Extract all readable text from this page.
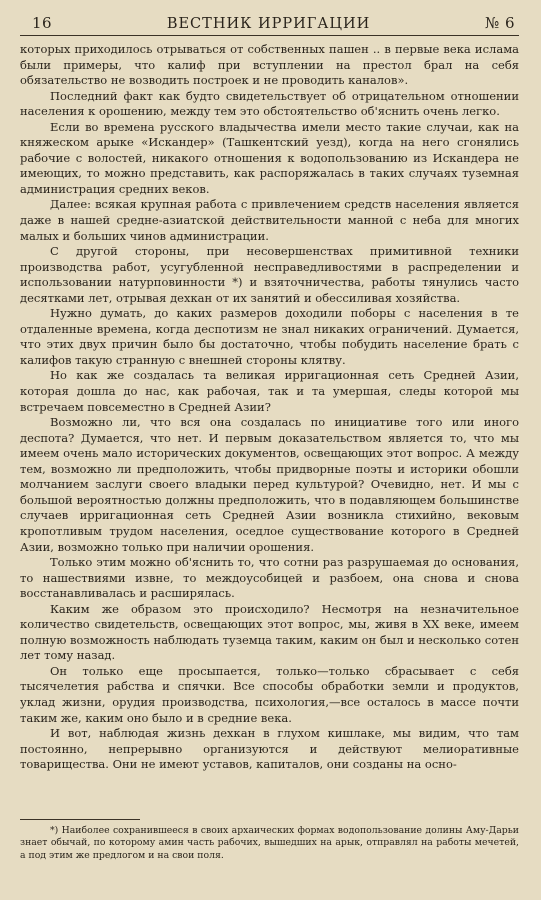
16	ВЕСТНИК ИРРИГАЦИИ	№ 6

которых приходилось отрываться от собственных пашен .. в первые века ислама были примеры, что калиф при вступлении на престол брал на себя обязательство не возводить построек и не проводить каналов».

Последний факт как будто свидетельствует об отрицательном отношении населения к орошению, между тем это обстоятельство об'яснить очень легко.

Если во времена русского владычества имели место такие случаи, как на княжеском арыке «Искандер» (Ташкентский уезд), когда на него сгонялись рабочие с волостей, никакого отношения к водопользованию из Искандера не имеющих, то можно представить, как распоряжалась в таких случаях туземная администрация средних веков.

Далее: всякая крупная работа с привлечением средств населения является даже в нашей средне-азиатской действительности манной с неба для многих малых и больших чинов администрации.

С другой стороны, при несовершенствах примитивной техники производства работ, усугубленной несправедливостями в распределении и использовании натурповинности *) и взяточничества, работы тянулись часто десятками лет, отрывая дехкан от их занятий и обессиливая хозяйства.

Нужно думать, до каких размеров доходили поборы с населения в те отдаленные времена, когда деспотизм не знал никаких ограничений. Думается, что этих двух причин было бы достаточно, чтобы побудить население брать с калифов такую странную с внешней стороны клятву.

Но как же создалась та великая ирригационная сеть Средней Азии, которая дошла до нас, как рабочая, так и та умершая, следы которой мы встречаем повсеместно в Средней Азии?

Возможно ли, что вся она создалась по инициативе того или иного деспота? Думается, что нет. И первым доказательством является то, что мы имеем очень мало исторических документов, освещающих этот вопрос. А между тем, возможно ли предположить, чтобы придворные поэты и историки обошли молчанием заслуги своего владыки перед культурой? Очевидно, нет. И мы с большой вероятностью должны предположить, что в подавляющем большинстве случаев ирригационная сеть Средней Азии возникла стихийно, вековым кропотливым трудом населения, оседлое существование которого в Средней Азии, возможно только при наличии орошения.

Только этим можно об'яснить то, что сотни раз разрушаемая до основания, то нашествиями извне, то междоусобицей и разбоем, она снова и снова восстанавливалась и расширялась.

Каким же образом это происходило? Несмотря на незначительное количество свидетельств, освещающих этот вопрос, мы, живя в XX веке, имеем полную возможность наблюдать туземца таким, каким он был и несколько сотен лет тому назад.

Он только еще просыпается, только—только сбрасывает с себя тысячелетия рабства и спячки. Все способы обработки земли и продуктов, уклад жизни, орудия производства, психология,—все осталось в массе почти таким же, каким оно было и в средние века.

И вот, наблюдая жизнь дехкан в глухом кишлаке, мы видим, что там постоянно, непрерывно организуются и действуют мелиоративные товарищества. Они не имеют уставов, капиталов, они созданы на осно-

*) Наиболее сохранившееся в своих архаических формах водопользование долины Аму-Дарьи знает обычай, по которому амин часть рабочих, вышедших на арык, отправлял на работы мечетей, а под этим же предлогом и на свои поля.
